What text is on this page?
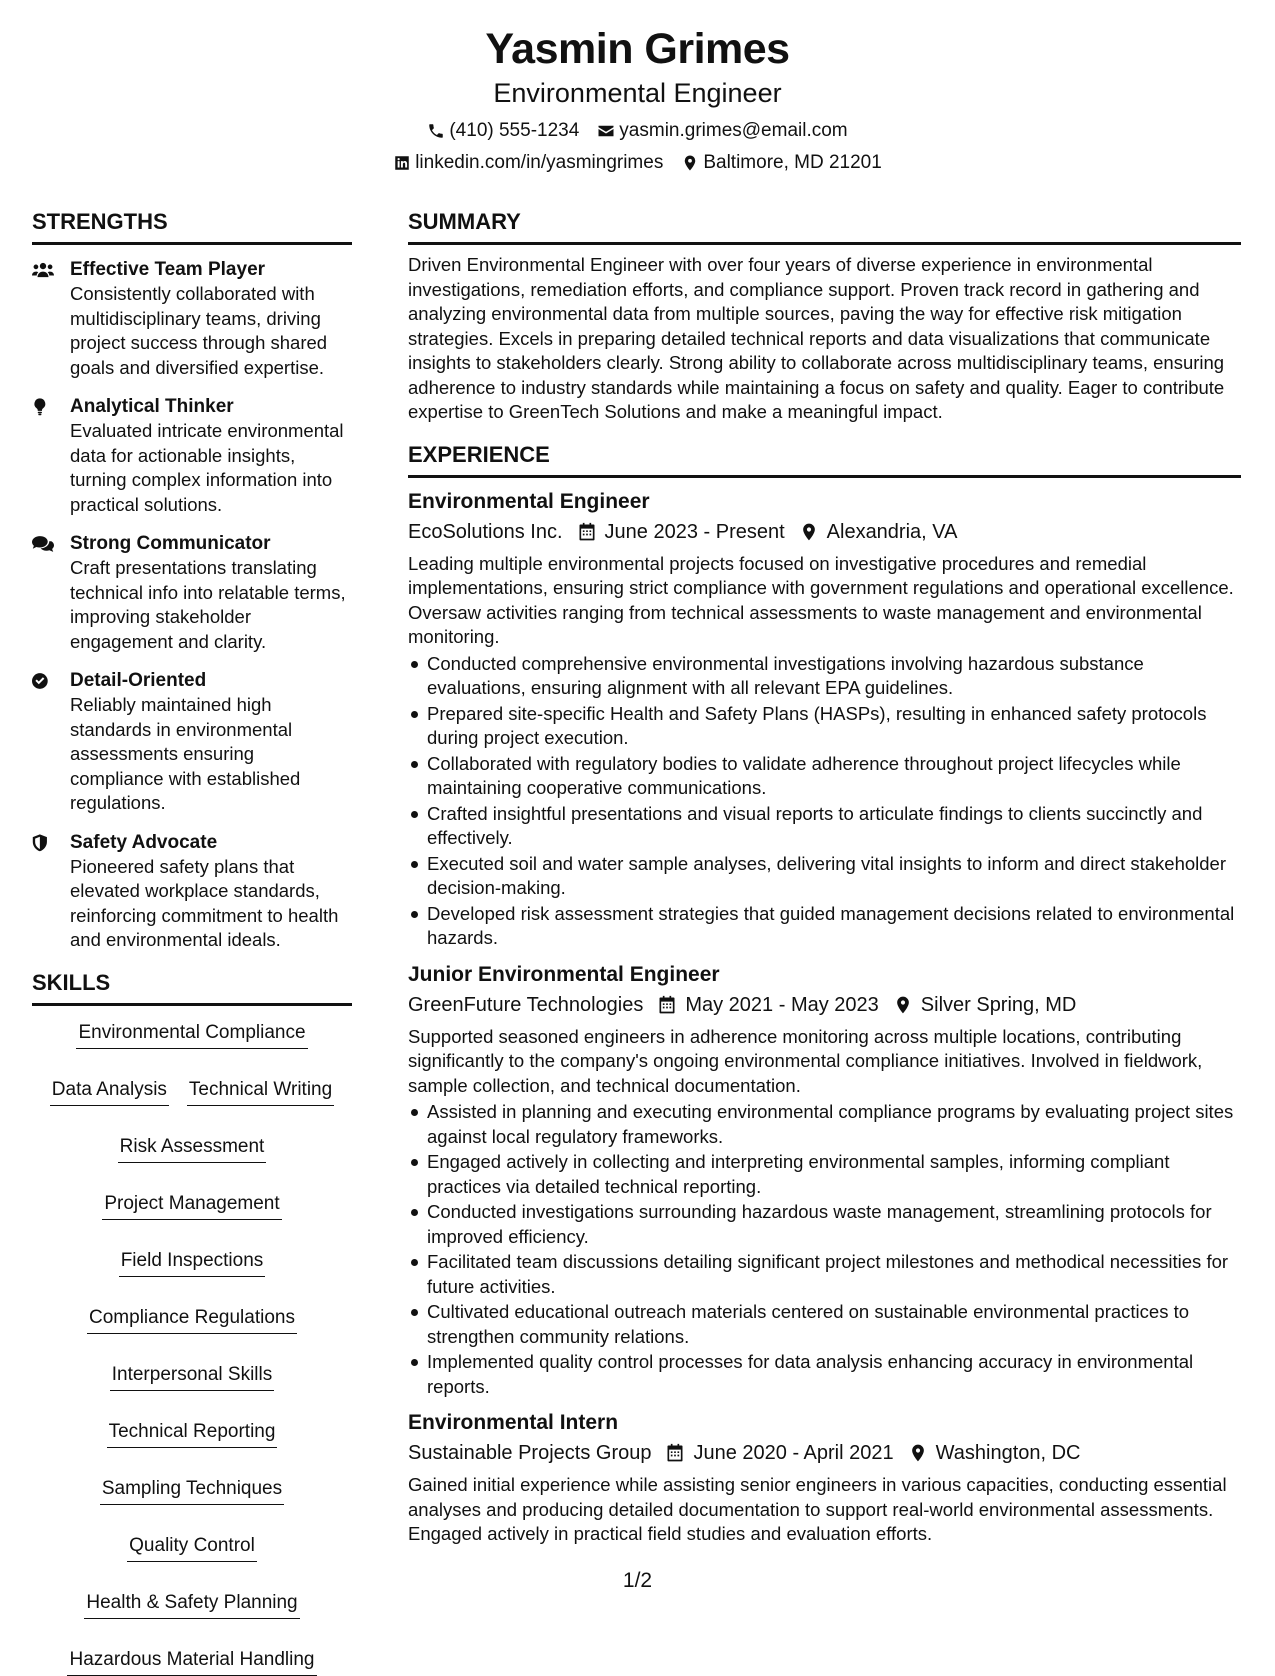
Yasmin Grimes
Environmental Engineer
(410) 555-1234 yasmin.grimes@email.com
linkedin.com/in/yasmingrimes Baltimore, MD 21201
STRENGTHS
Effective Team Player
Consistently collaborated with multidisciplinary teams, driving project success through shared goals and diversified expertise.
Analytical Thinker
Evaluated intricate environmental data for actionable insights, turning complex information into practical solutions.
Strong Communicator
Craft presentations translating technical info into relatable terms, improving stakeholder engagement and clarity.
Detail-Oriented
Reliably maintained high standards in environmental assessments ensuring compliance with established regulations.
Safety Advocate
Pioneered safety plans that elevated workplace standards, reinforcing commitment to health and environmental ideals.
SKILLS
Environmental Compliance
Data Analysis Technical Writing
Risk Assessment
Project Management
Field Inspections
Compliance Regulations
Interpersonal Skills
Technical Reporting
Sampling Techniques
Quality Control
Health & Safety Planning
Hazardous Material Handling
SUMMARY
Driven Environmental Engineer with over four years of diverse experience in environmental investigations, remediation efforts, and compliance support. Proven track record in gathering and analyzing environmental data from multiple sources, paving the way for effective risk mitigation strategies. Excels in preparing detailed technical reports and data visualizations that communicate insights to stakeholders clearly. Strong ability to collaborate across multidisciplinary teams, ensuring adherence to industry standards while maintaining a focus on safety and quality. Eager to contribute expertise to GreenTech Solutions and make a meaningful impact.
EXPERIENCE
Environmental Engineer
EcoSolutions Inc. June 2023 - Present Alexandria, VA
Leading multiple environmental projects focused on investigative procedures and remedial implementations, ensuring strict compliance with government regulations and operational excellence. Oversaw activities ranging from technical assessments to waste management and environmental monitoring.
Conducted comprehensive environmental investigations involving hazardous substance evaluations, ensuring alignment with all relevant EPA guidelines.
Prepared site-specific Health and Safety Plans (HASPs), resulting in enhanced safety protocols during project execution.
Collaborated with regulatory bodies to validate adherence throughout project lifecycles while maintaining cooperative communications.
Crafted insightful presentations and visual reports to articulate findings to clients succinctly and effectively.
Executed soil and water sample analyses, delivering vital insights to inform and direct stakeholder decision-making.
Developed risk assessment strategies that guided management decisions related to environmental hazards.
Junior Environmental Engineer
GreenFuture Technologies May 2021 - May 2023 Silver Spring, MD
Supported seasoned engineers in adherence monitoring across multiple locations, contributing significantly to the company's ongoing environmental compliance initiatives. Involved in fieldwork, sample collection, and technical documentation.
Assisted in planning and executing environmental compliance programs by evaluating project sites against local regulatory frameworks.
Engaged actively in collecting and interpreting environmental samples, informing compliant practices via detailed technical reporting.
Conducted investigations surrounding hazardous waste management, streamlining protocols for improved efficiency.
Facilitated team discussions detailing significant project milestones and methodical necessities for future activities.
Cultivated educational outreach materials centered on sustainable environmental practices to strengthen community relations.
Implemented quality control processes for data analysis enhancing accuracy in environmental reports.
Environmental Intern
Sustainable Projects Group June 2020 - April 2021 Washington, DC
Gained initial experience while assisting senior engineers in various capacities, conducting essential analyses and producing detailed documentation to support real-world environmental assessments. Engaged actively in practical field studies and evaluation efforts.
1/2
